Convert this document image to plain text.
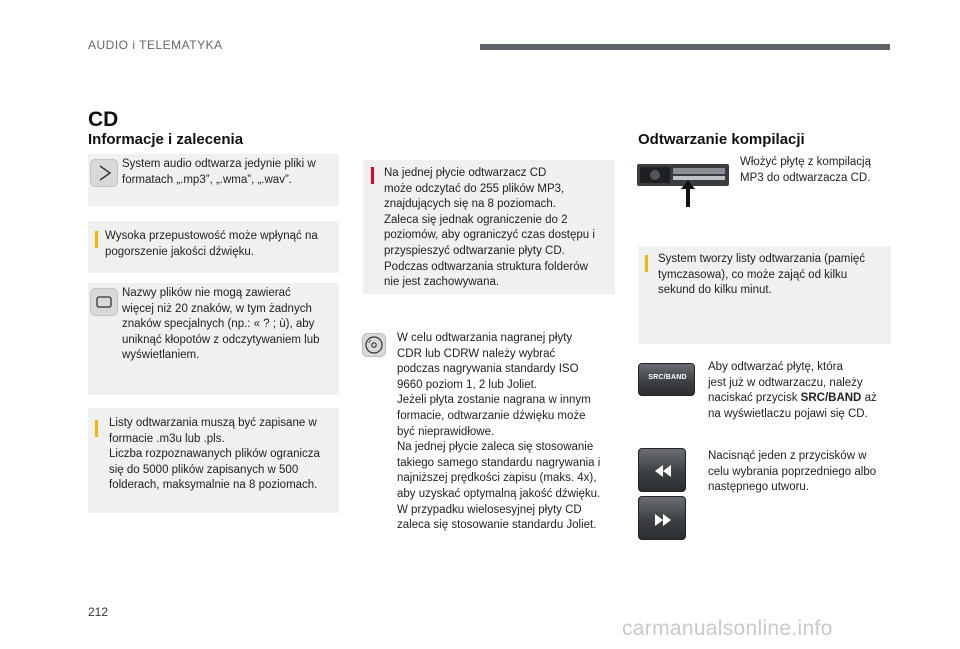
AUDIO i TELEMATYKA
CD
Informacje i zalecenia
System audio odtwarza jedynie pliki w
formatach „.mp3”, „.wma”, „.wav”.
Wysoka przepustowość może wpłynąć na
pogorszenie jakości dźwięku.
Nazwy plików nie mogą zawierać
więcej niż 20 znaków, w tym żadnych
znaków specjalnych (np.: « ? ; ù), aby
uniknąć kłopotów z odczytywaniem lub
wyświetlaniem.
Listy odtwarzania muszą być zapisane w
formacie .m3u lub .pls.
Liczba rozpoznawanych plików ogranicza
się do 5000 plików zapisanych w 500
folderach, maksymalnie na 8 poziomach.
Na jednej płycie odtwarzacz CD
może odczytać do 255 plików MP3,
znajdujących się na 8 poziomach.
Zaleca się jednak ograniczenie do 2
poziomów, aby ograniczyć czas dostępu i
przyspieszyć odtwarzanie płyty CD.
Podczas odtwarzania struktura folderów
nie jest zachowywana.
W celu odtwarzania nagranej płyty
CDR lub CDRW należy wybrać
podczas nagrywania standardy ISO
9660 poziom 1, 2 lub Joliet.
Jeżeli płyta zostanie nagrana w innym
formacie, odtwarzanie dźwięku może
być nieprawidłowe.
Na jednej płycie zaleca się stosowanie
takiego samego standardu nagrywania i
najniższej prędkości zapisu (maks. 4x),
aby uzyskać optymalną jakość dźwięku.
W przypadku wielosesyjnej płyty CD
zaleca się stosowanie standardu Joliet.
Odtwarzanie kompilacji
Włożyć płytę z kompilacją
MP3 do odtwarzacza CD.
System tworzy listy odtwarzania (pamięć
tymczasowa), co może zająć od kilku
sekund do kilku minut.
SRC/BAND
Aby odtwarzać płytę, która
jest już w odtwarzaczu, należy
naciskać przycisk SRC/BAND aż
na wyświetlaczu pojawi się CD.
Nacisnąć jeden z przycisków w
celu wybrania poprzedniego albo
następnego utworu.
212
carmanualsonline.info
